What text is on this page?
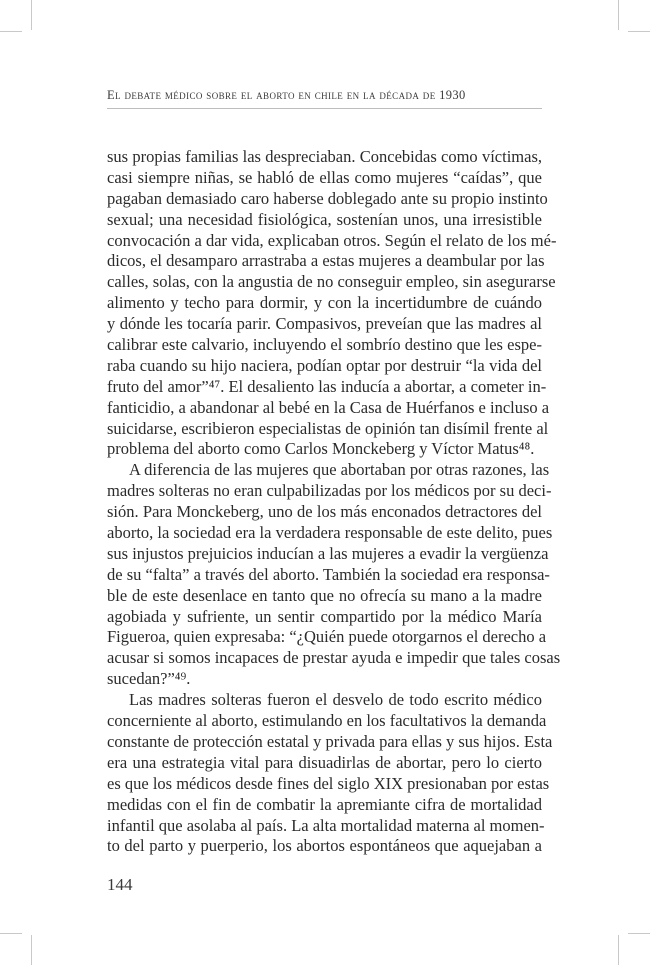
El debate médico sobre el aborto en chile en la década de 1930
sus propias familias las despreciaban. Concebidas como víctimas,
casi siempre niñas, se habló de ellas como mujeres “caídas”, que
pagaban demasiado caro haberse doblegado ante su propio instinto
sexual; una necesidad fisiológica, sostenían unos, una irresistible
convocación a dar vida, explicaban otros. Según el relato de los mé-
dicos, el desamparo arrastraba a estas mujeres a deambular por las
calles, solas, con la angustia de no conseguir empleo, sin asegurarse
alimento y techo para dormir, y con la incertidumbre de cuándo
y dónde les tocaría parir. Compasivos, preveían que las madres al
calibrar este calvario, incluyendo el sombrío destino que les espe-
raba cuando su hijo naciera, podían optar por destruir “la vida del
fruto del amor”⁴⁷. El desaliento las inducía a abortar, a cometer in-
fanticidio, a abandonar al bebé en la Casa de Huérfanos e incluso a
suicidarse, escribieron especialistas de opinión tan disímil frente al
problema del aborto como Carlos Monckeberg y Víctor Matus⁴⁸.
A diferencia de las mujeres que abortaban por otras razones, las
madres solteras no eran culpabilizadas por los médicos por su deci-
sión. Para Monckeberg, uno de los más enconados detractores del
aborto, la sociedad era la verdadera responsable de este delito, pues
sus injustos prejuicios inducían a las mujeres a evadir la vergüenza
de su “falta” a través del aborto. También la sociedad era responsa-
ble de este desenlace en tanto que no ofrecía su mano a la madre
agobiada y sufriente, un sentir compartido por la médico María
Figueroa, quien expresaba: “¿Quién puede otorgarnos el derecho a
acusar si somos incapaces de prestar ayuda e impedir que tales cosas
sucedan?”⁴⁹.
Las madres solteras fueron el desvelo de todo escrito médico
concerniente al aborto, estimulando en los facultativos la demanda
constante de protección estatal y privada para ellas y sus hijos. Esta
era una estrategia vital para disuadirlas de abortar, pero lo cierto
es que los médicos desde fines del siglo XIX presionaban por estas
medidas con el fin de combatir la apremiante cifra de mortalidad
infantil que asolaba al país. La alta mortalidad materna al momen-
to del parto y puerperio, los abortos espontáneos que aquejaban a
144
